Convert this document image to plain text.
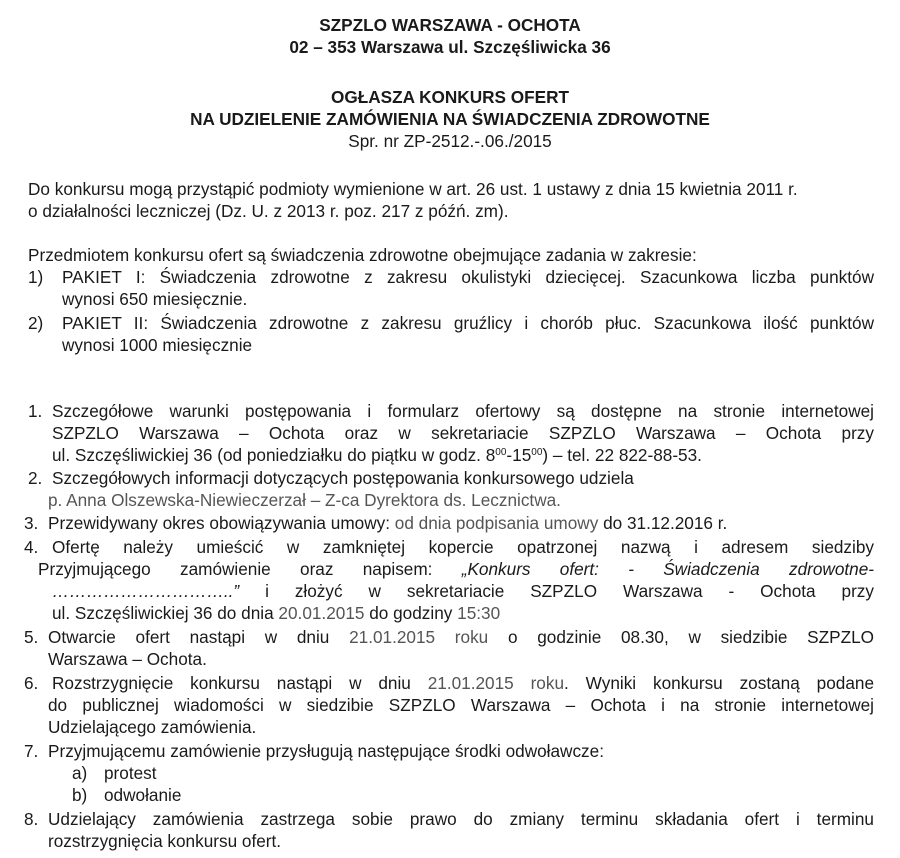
SZPZLO WARSZAWA - OCHOTA
02 – 353 Warszawa ul. Szczęśliwicka 36
OGŁASZA KONKURS OFERT
NA UDZIELENIE ZAMÓWIENIA NA ŚWIADCZENIA ZDROWOTNE
Spr. nr ZP-2512.-.06./2015
Do konkursu mogą przystąpić podmioty wymienione w art. 26 ust. 1 ustawy z dnia 15 kwietnia 2011 r.
o działalności leczniczej (Dz. U. z 2013 r. poz. 217 z późń. zm).
Przedmiotem konkursu ofert są świadczenia zdrowotne obejmujące zadania w zakresie:
1) PAKIET I: Świadczenia zdrowotne z zakresu okulistyki dziecięcej. Szacunkowa liczba punktów
wynosi 650 miesięcznie.
2) PAKIET II: Świadczenia zdrowotne z zakresu gruźlicy i chorób płuc. Szacunkowa ilość punktów
wynosi 1000 miesięcznie
1. Szczegółowe warunki postępowania i formularz ofertowy są dostępne na stronie internetowej
SZPZLO Warszawa – Ochota oraz w sekretariacie SZPZLO Warszawa – Ochota przy
ul. Szczęśliwickiej 36 (od poniedziałku do piątku w godz. $8^{00}-15^{00}$) – tel. 22 822-88-53.
2. Szczegółowych informacji dotyczących postępowania konkursowego udziela
p. Anna Olszewska-Niewieczerzał – Z-ca Dyrektora ds. Lecznictwa.
3. Przewidywany okres obowiązywania umowy: od dnia podpisania umowy do 31.12.2016 r.
4. Ofertę należy umieścić w zamkniętej kopercie opatrzonej nazwą i adresem siedziby
Przyjmującego zamówienie oraz napisem: „Konkurs ofert: - Świadczenia zdrowotne-
…………………………..” i złożyć w sekretariacie SZPZLO Warszawa - Ochota przy
ul. Szczęśliwickiej 36 do dnia 20.01.2015 do godziny 15:30
5. Otwarcie ofert nastąpi w dniu 21.01.2015 roku o godzinie 08.30, w siedzibie SZPZLO
Warszawa – Ochota.
6. Rozstrzygnięcie konkursu nastąpi w dniu 21.01.2015 roku. Wyniki konkursu zostaną podane
do publicznej wiadomości w siedzibie SZPZLO Warszawa – Ochota i na stronie internetowej
Udzielającego zamówienia.
7. Przyjmującemu zamówienie przysługują następujące środki odwoławcze:
a) protest
b) odwołanie
8. Udzielający zamówienia zastrzega sobie prawo do zmiany terminu składania ofert i terminu
rozstrzygnięcia konkursu ofert.
